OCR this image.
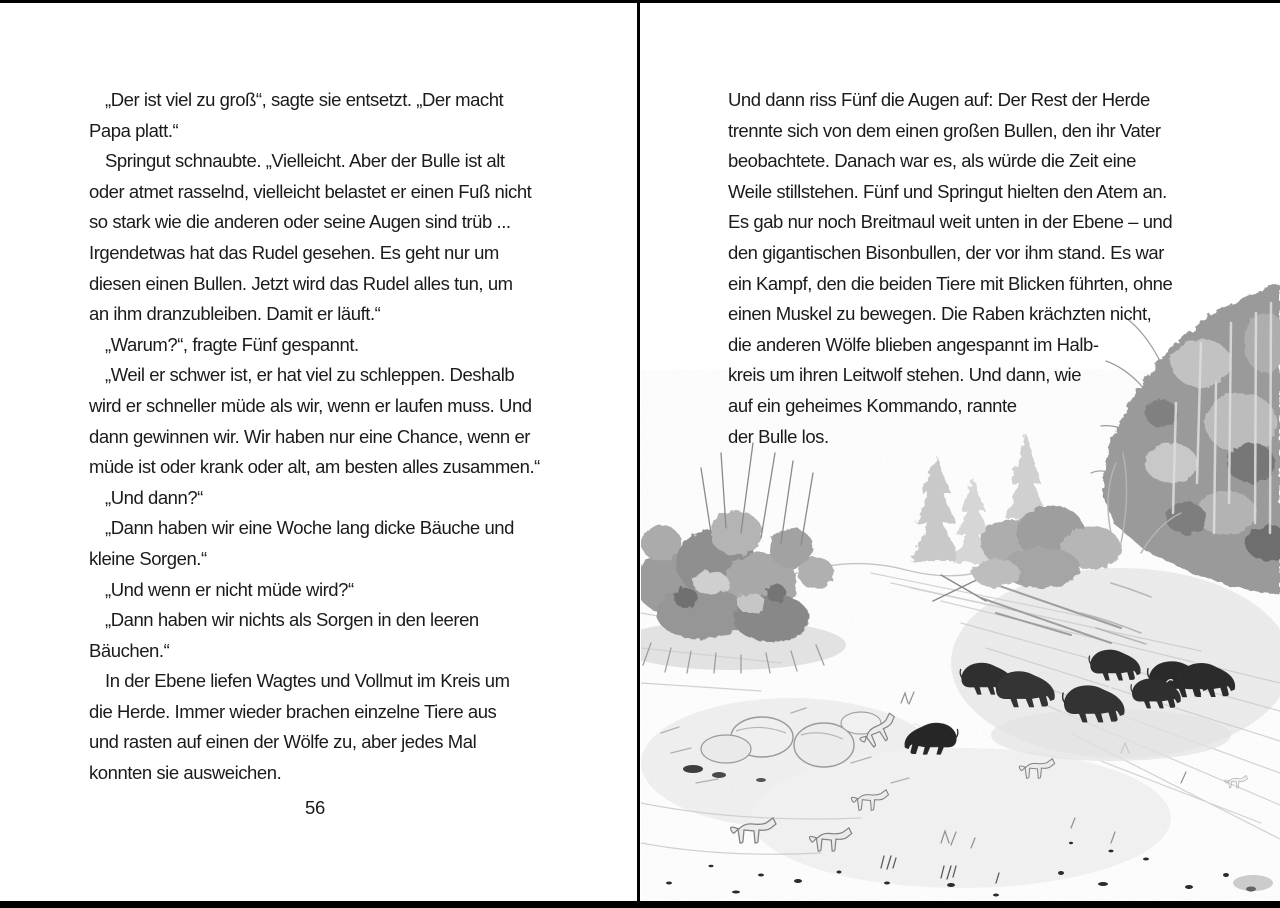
„Der ist viel zu groß“, sagte sie entsetzt. „Der macht
Papa platt.“
Springut schnaubte. „Vielleicht. Aber der Bulle ist alt
oder atmet rasselnd, vielleicht belastet er einen Fuß nicht
so stark wie die anderen oder seine Augen sind trüb ...
Irgendetwas hat das Rudel gesehen. Es geht nur um
diesen einen Bullen. Jetzt wird das Rudel alles tun, um
an ihm dranzubleiben. Damit er läuft.“
„Warum?“, fragte Fünf gespannt.
„Weil er schwer ist, er hat viel zu schleppen. Deshalb
wird er schneller müde als wir, wenn er laufen muss. Und
dann gewinnen wir. Wir haben nur eine Chance, wenn er
müde ist oder krank oder alt, am besten alles zusammen.“
„Und dann?“
„Dann haben wir eine Woche lang dicke Bäuche und
kleine Sorgen.“
„Und wenn er nicht müde wird?“
„Dann haben wir nichts als Sorgen in den leeren
Bäuchen.“
In der Ebene liefen Wagtes und Vollmut im Kreis um
die Herde. Immer wieder brachen einzelne Tiere aus
und rasten auf einen der Wölfe zu, aber jedes Mal
konnten sie ausweichen.
56
Und dann riss Fünf die Augen auf: Der Rest der Herde
trennte sich von dem einen großen Bullen, den ihr Vater
beobachtete. Danach war es, als würde die Zeit eine
Weile stillstehen. Fünf und Springut hielten den Atem an.
Es gab nur noch Breitmaul weit unten in der Ebene – und
den gigantischen Bisonbullen, der vor ihm stand. Es war
ein Kampf, den die beiden Tiere mit Blicken führten, ohne
einen Muskel zu bewegen. Die Raben krächzten nicht,
die anderen Wölfe blieben angespannt im Halb-
kreis um ihren Leitwolf stehen. Und dann, wie
auf ein geheimes Kommando, rannte
der Bulle los.
